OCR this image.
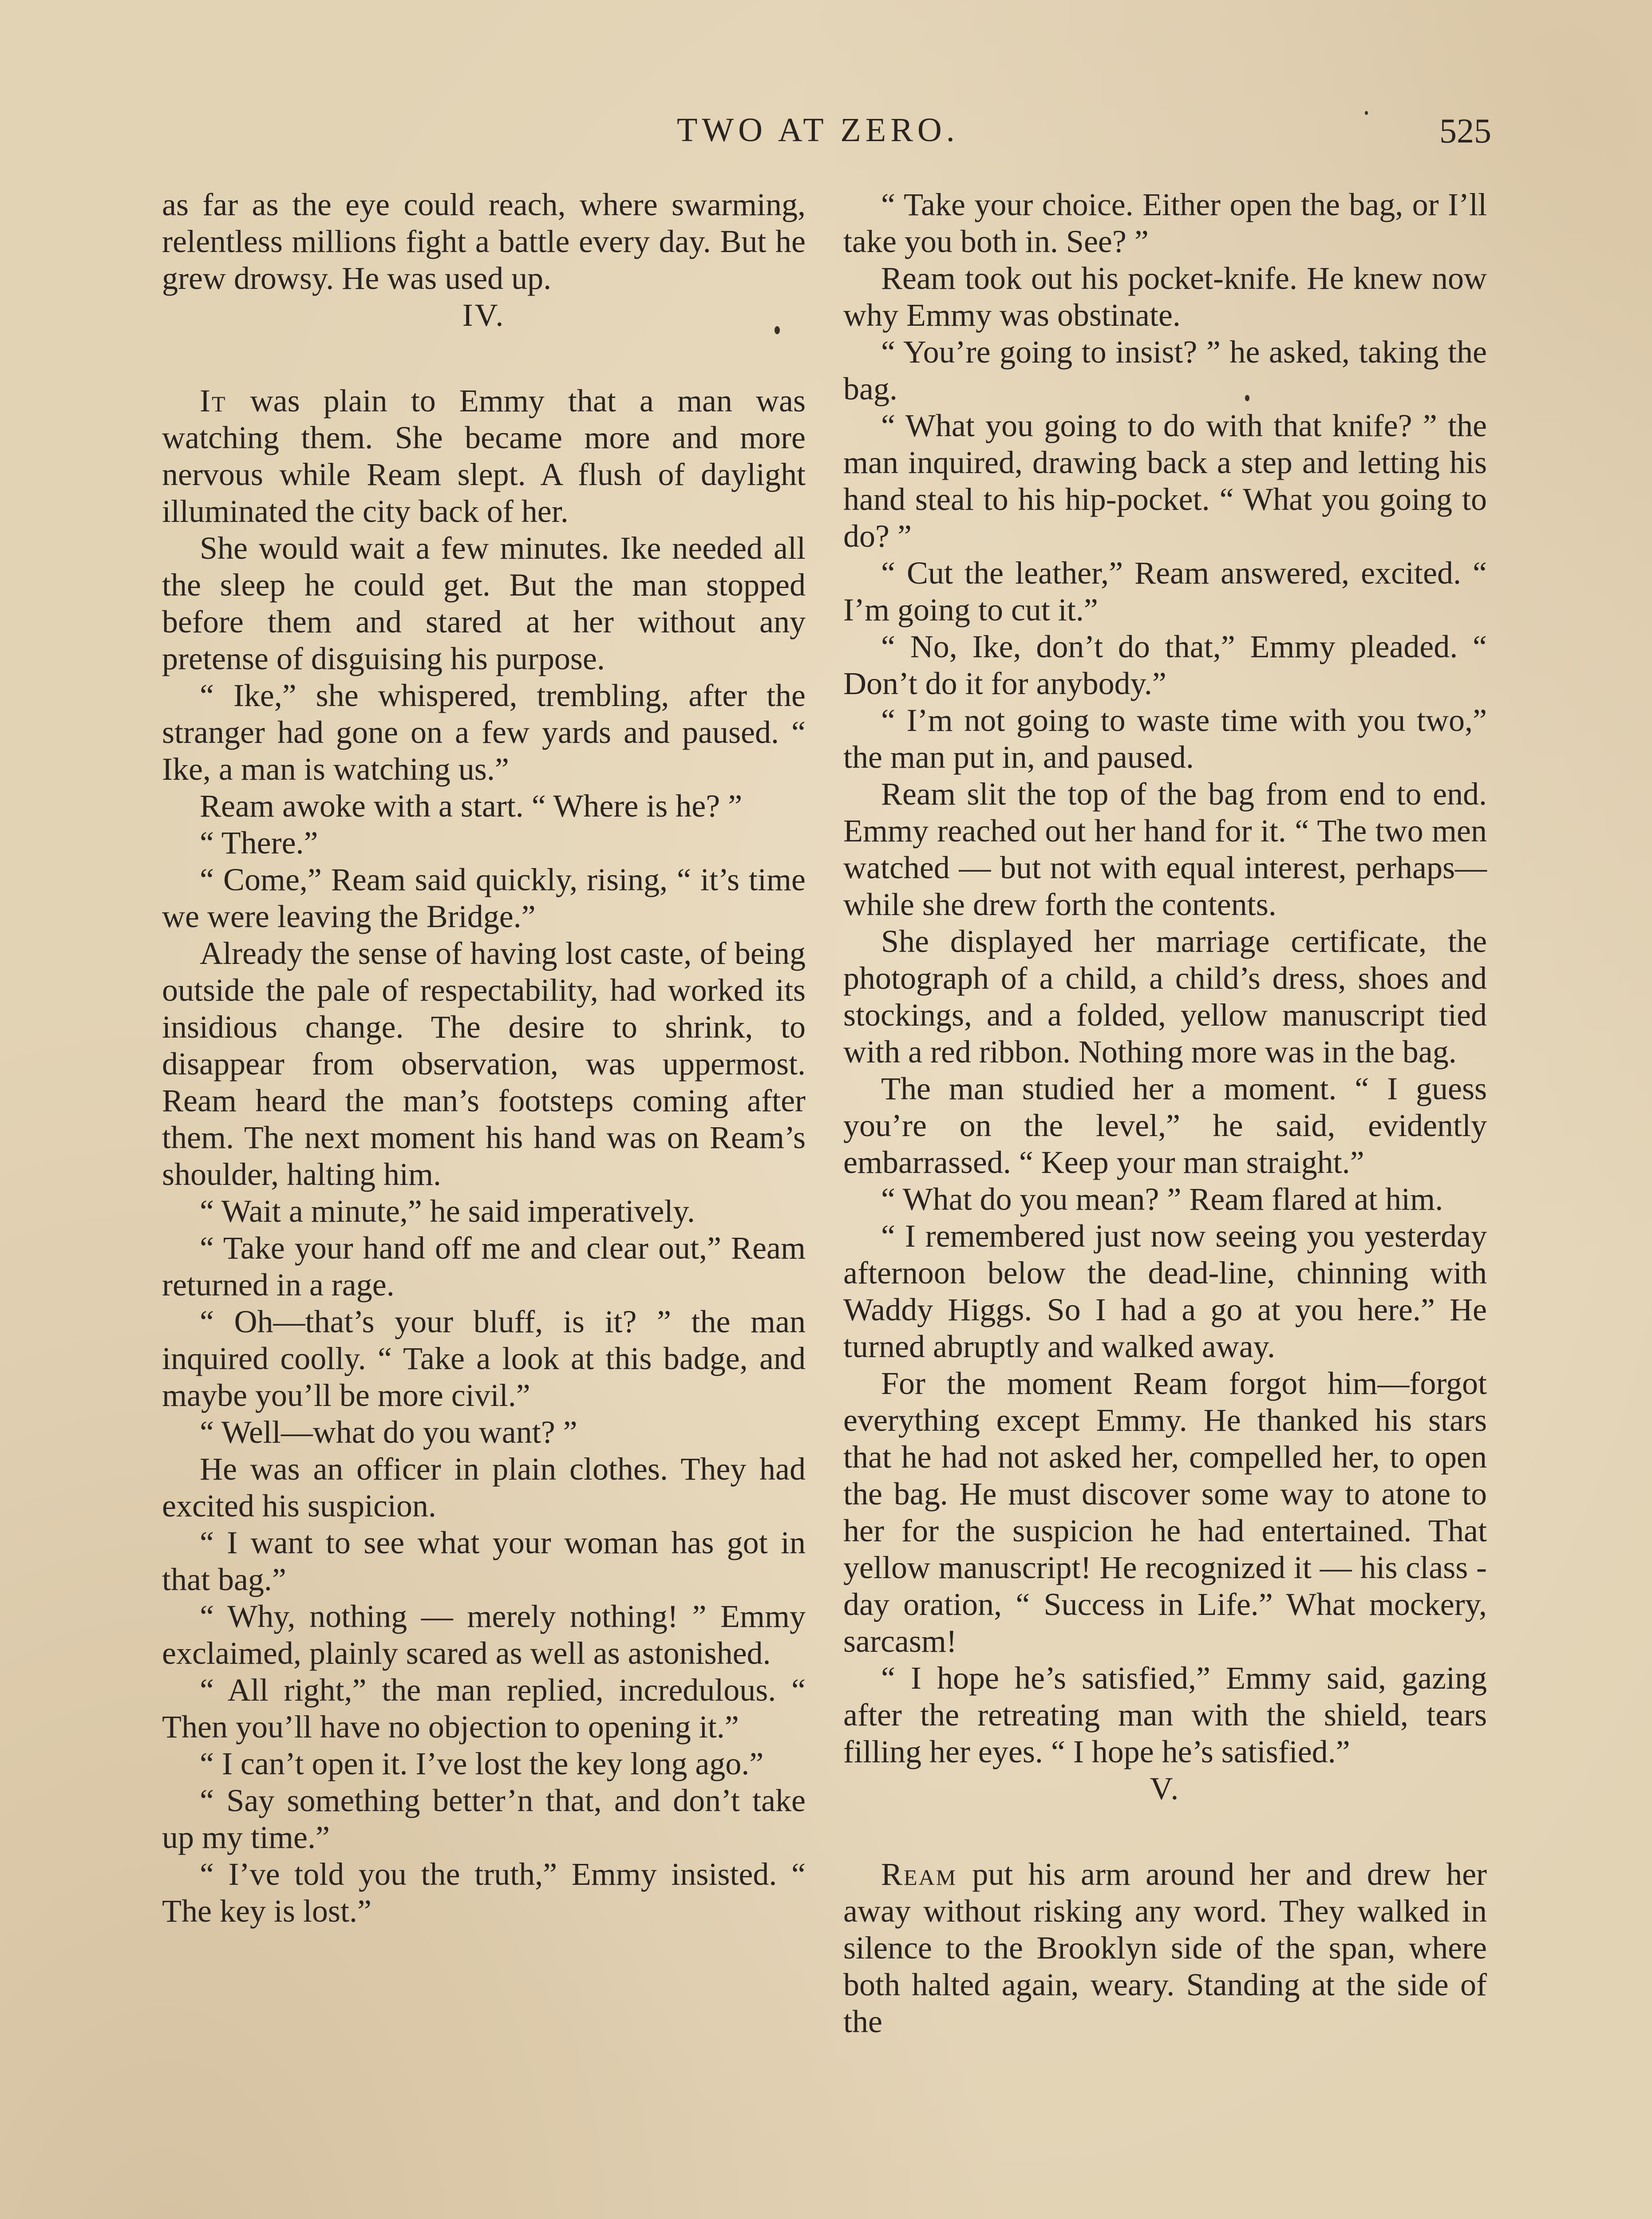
TWO AT ZERO.	525

as far as the eye could reach, where swarming, relentless millions fight a battle every day. But he grew drowsy. He was used up.

IV.

It was plain to Emmy that a man was watching them. She became more and more nervous while Ream slept. A flush of daylight illuminated the city back of her.

She would wait a few minutes. Ike needed all the sleep he could get. But the man stopped before them and stared at her without any pretense of disguising his purpose.

“ Ike,” she whispered, trembling, after the stranger had gone on a few yards and paused. “ Ike, a man is watching us.”

Ream awoke with a start. “ Where is he? ”

“ There.”

“ Come,” Ream said quickly, rising, “ it’s time we were leaving the Bridge.”

Already the sense of having lost caste, of being outside the pale of respectability, had worked its insidious change. The desire to shrink, to disappear from observation, was uppermost. Ream heard the man’s footsteps coming after them. The next moment his hand was on Ream’s shoulder, halting him.

“ Wait a minute,” he said imperatively.

“ Take your hand off me and clear out,” Ream returned in a rage.

“ Oh—that’s your bluff, is it? ” the man inquired coolly. “ Take a look at this badge, and maybe you’ll be more civil.”

“ Well—what do you want? ”

He was an officer in plain clothes. They had excited his suspicion.

“ I want to see what your woman has got in that bag.”

“ Why, nothing — merely nothing! ” Emmy exclaimed, plainly scared as well as astonished.

“ All right,” the man replied, incredulous. “ Then you’ll have no objection to opening it.”

“ I can’t open it. I’ve lost the key long ago.”

“ Say something better’n that, and don’t take up my time.”

“ I’ve told you the truth,” Emmy insisted. “ The key is lost.”

“ Take your choice. Either open the bag, or I’ll take you both in. See? ”

Ream took out his pocket-knife. He knew now why Emmy was obstinate.

“ You’re going to insist? ” he asked, taking the bag.

“ What you going to do with that knife? ” the man inquired, drawing back a step and letting his hand steal to his hip-pocket. “ What you going to do? ”

“ Cut the leather,” Ream answered, excited. “ I’m going to cut it.”

“ No, Ike, don’t do that,” Emmy pleaded. “ Don’t do it for anybody.”

“ I’m not going to waste time with you two,” the man put in, and paused.

Ream slit the top of the bag from end to end. Emmy reached out her hand for it. “ The two men watched — but not with equal interest, perhaps—while she drew forth the contents.

She displayed her marriage certificate, the photograph of a child, a child’s dress, shoes and stockings, and a folded, yellow manuscript tied with a red ribbon. Nothing more was in the bag.

The man studied her a moment. “ I guess you’re on the level,” he said, evidently embarrassed. “ Keep your man straight.”

“ What do you mean? ” Ream flared at him.

“ I remembered just now seeing you yesterday afternoon below the dead-line, chinning with Waddy Higgs. So I had a go at you here.” He turned abruptly and walked away.

For the moment Ream forgot him—forgot everything except Emmy. He thanked his stars that he had not asked her, compelled her, to open the bag. He must discover some way to atone to her for the suspicion he had entertained. That yellow manuscript! He recognized it — his class - day oration, “ Success in Life.” What mockery, sarcasm!

“ I hope he’s satisfied,” Emmy said, gazing after the retreating man with the shield, tears filling her eyes. “ I hope he’s satisfied.”

V.

Ream put his arm around her and drew her away without risking any word. They walked in silence to the Brooklyn side of the span, where both halted again, weary. Standing at the side of the
